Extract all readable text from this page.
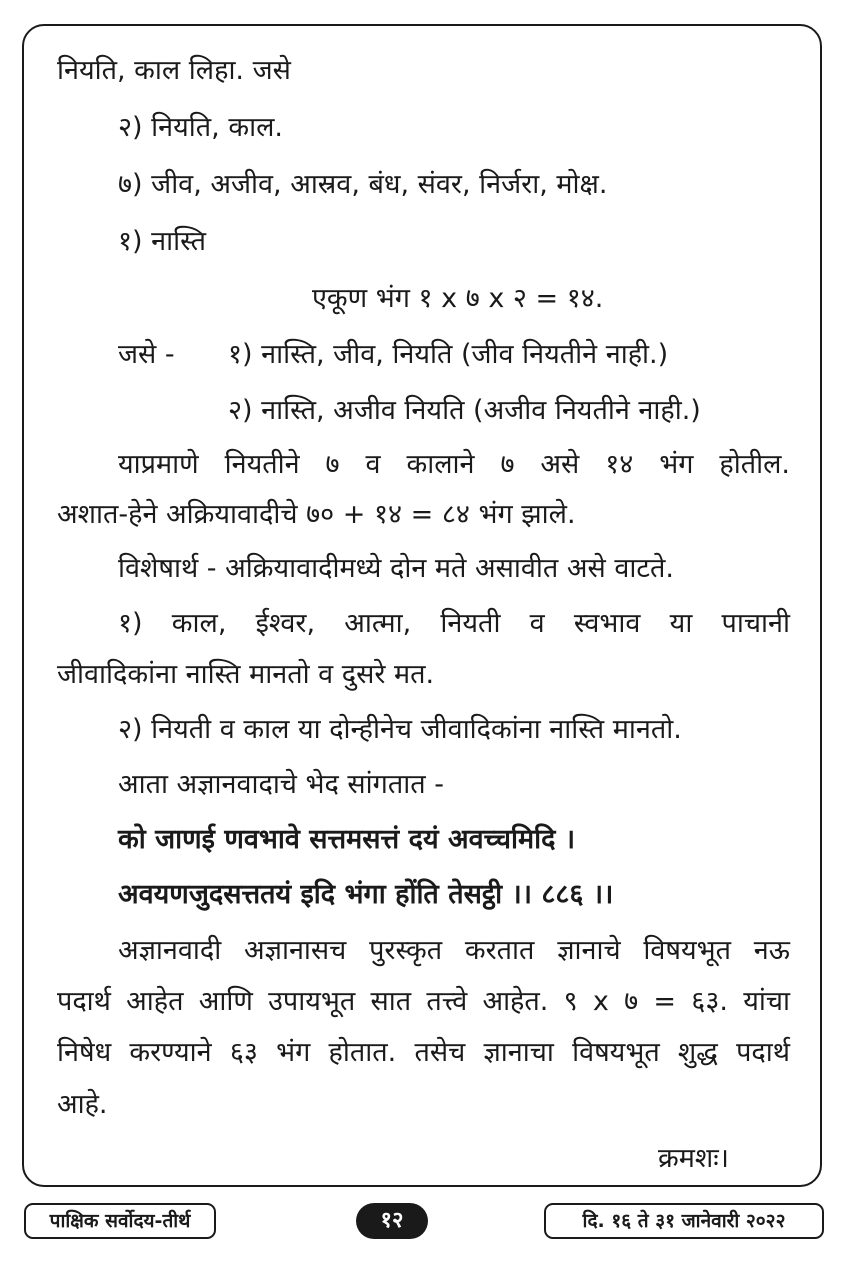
नियति, काल लिहा. जसे
२) नियति, काल.
७) जीव, अजीव, आस्रव, बंध, संवर, निर्जरा, मोक्ष.
१) नास्ति
एकूण भंग १ x ७ x २ = १४.
जसे - १) नास्ति, जीव, नियति (जीव नियतीने नाही.)
२) नास्ति, अजीव नियति (अजीव नियतीने नाही.)
याप्रमाणे नियतीने ७ व कालाने ७ असे १४ भंग होतील.
अशात-हेने अक्रियावादीचे ७० + १४ = ८४ भंग झाले.
विशेषार्थ - अक्रियावादीमध्ये दोन मते असावीत असे वाटते.
१) काल, ईश्वर, आत्मा, नियती व स्वभाव या पाचानी
जीवादिकांना नास्ति मानतो व दुसरे मत.
२) नियती व काल या दोन्हीनेच जीवादिकांना नास्ति मानतो.
आता अज्ञानवादाचे भेद सांगतात -
को जाणई णवभावे सत्तमसत्तं दयं अवच्चमिदि ।
अवयणजुदसत्ततयं इदि भंगा होंति तेसट्ठी ।। ८८६ ।।
अज्ञानवादी अज्ञानासच पुरस्कृत करतात ज्ञानाचे विषयभूत नऊ
पदार्थ आहेत आणि उपायभूत सात तत्त्वे आहेत. ९ x ७ = ६३. यांचा
निषेध करण्याने ६३ भंग होतात. तसेच ज्ञानाचा विषयभूत शुद्ध पदार्थ
आहे.
क्रमशः।
पाक्षिक सर्वोदय-तीर्थ	१२	दि. १६ ते ३१ जानेवारी २०२२
